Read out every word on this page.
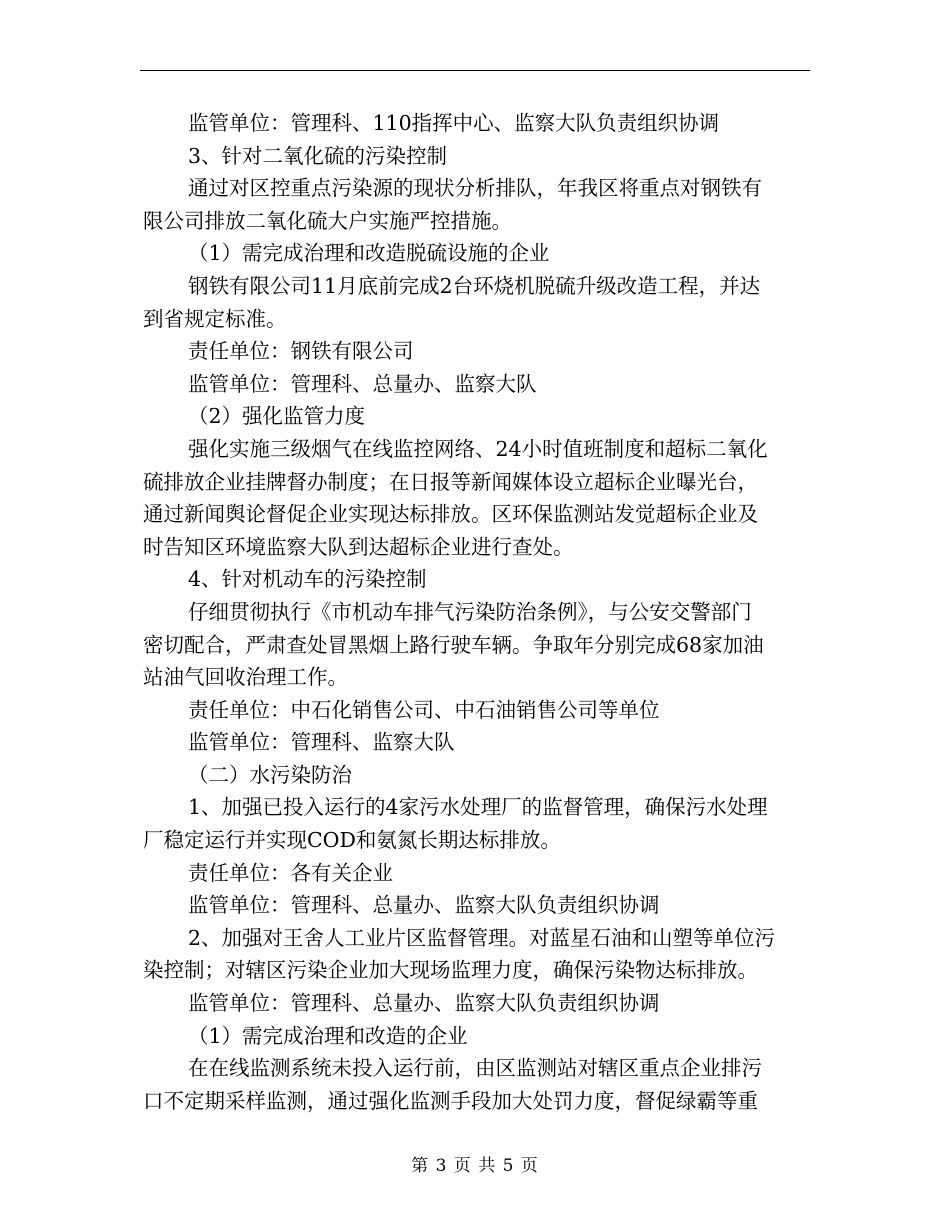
监管单位：管理科、110指挥中心、监察大队负责组织协调
3、针对二氧化硫的污染控制
通过对区控重点污染源的现状分析排队，年我区将重点对钢铁有
限公司排放二氧化硫大户实施严控措施。
（1）需完成治理和改造脱硫设施的企业
钢铁有限公司11月底前完成2台环烧机脱硫升级改造工程，并达
到省规定标准。
责任单位：钢铁有限公司
监管单位：管理科、总量办、监察大队
（2）强化监管力度
强化实施三级烟气在线监控网络、24小时值班制度和超标二氧化
硫排放企业挂牌督办制度；在日报等新闻媒体设立超标企业曝光台，
通过新闻舆论督促企业实现达标排放。区环保监测站发觉超标企业及
时告知区环境监察大队到达超标企业进行查处。
4、针对机动车的污染控制
仔细贯彻执行《市机动车排气污染防治条例》，与公安交警部门
密切配合，严肃查处冒黑烟上路行驶车辆。争取年分别完成68家加油
站油气回收治理工作。
责任单位：中石化销售公司、中石油销售公司等单位
监管单位：管理科、监察大队
（二）水污染防治
1、加强已投入运行的4家污水处理厂的监督管理，确保污水处理
厂稳定运行并实现COD和氨氮长期达标排放。
责任单位：各有关企业
监管单位：管理科、总量办、监察大队负责组织协调
2、加强对王舍人工业片区监督管理。对蓝星石油和山塑等单位污
染控制；对辖区污染企业加大现场监理力度，确保污染物达标排放。
监管单位：管理科、总量办、监察大队负责组织协调
（1）需完成治理和改造的企业
在在线监测系统未投入运行前，由区监测站对辖区重点企业排污
口不定期采样监测，通过强化监测手段加大处罚力度，督促绿霸等重
第 3 页 共 5 页
